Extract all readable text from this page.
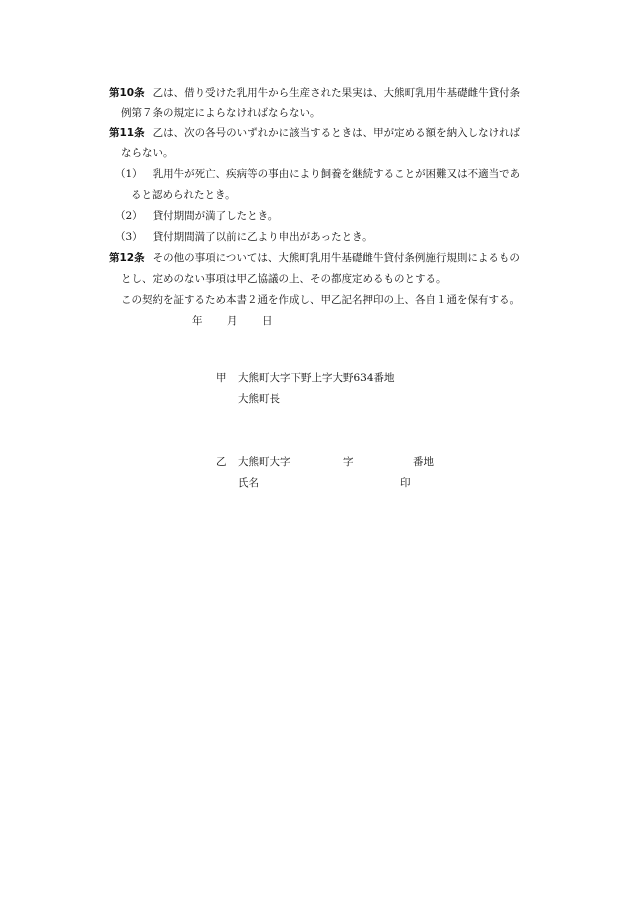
第10条 乙は、借り受けた乳用牛から生産された果実は、大熊町乳用牛基礎雌牛貸付条
例第７条の規定によらなければならない。
第11条 乙は、次の各号のいずれかに該当するときは、甲が定める額を納入しなければ
ならない。
（1） 乳用牛が死亡、疾病等の事由により飼養を継続することが困難又は不適当であ
ると認められたとき。
（2） 貸付期間が満了したとき。
（3） 貸付期間満了以前に乙より申出があったとき。
第12条 その他の事項については、大熊町乳用牛基礎雌牛貸付条例施行規則によるもの
とし、定めのない事項は甲乙協議の上、その都度定めるものとする。
この契約を証するため本書２通を作成し、甲乙記名押印の上、各自１通を保有する。
年 月 日
甲 大熊町大字下野上字大野634番地
大熊町長
乙 大熊町大字	字	番地
氏名	印
